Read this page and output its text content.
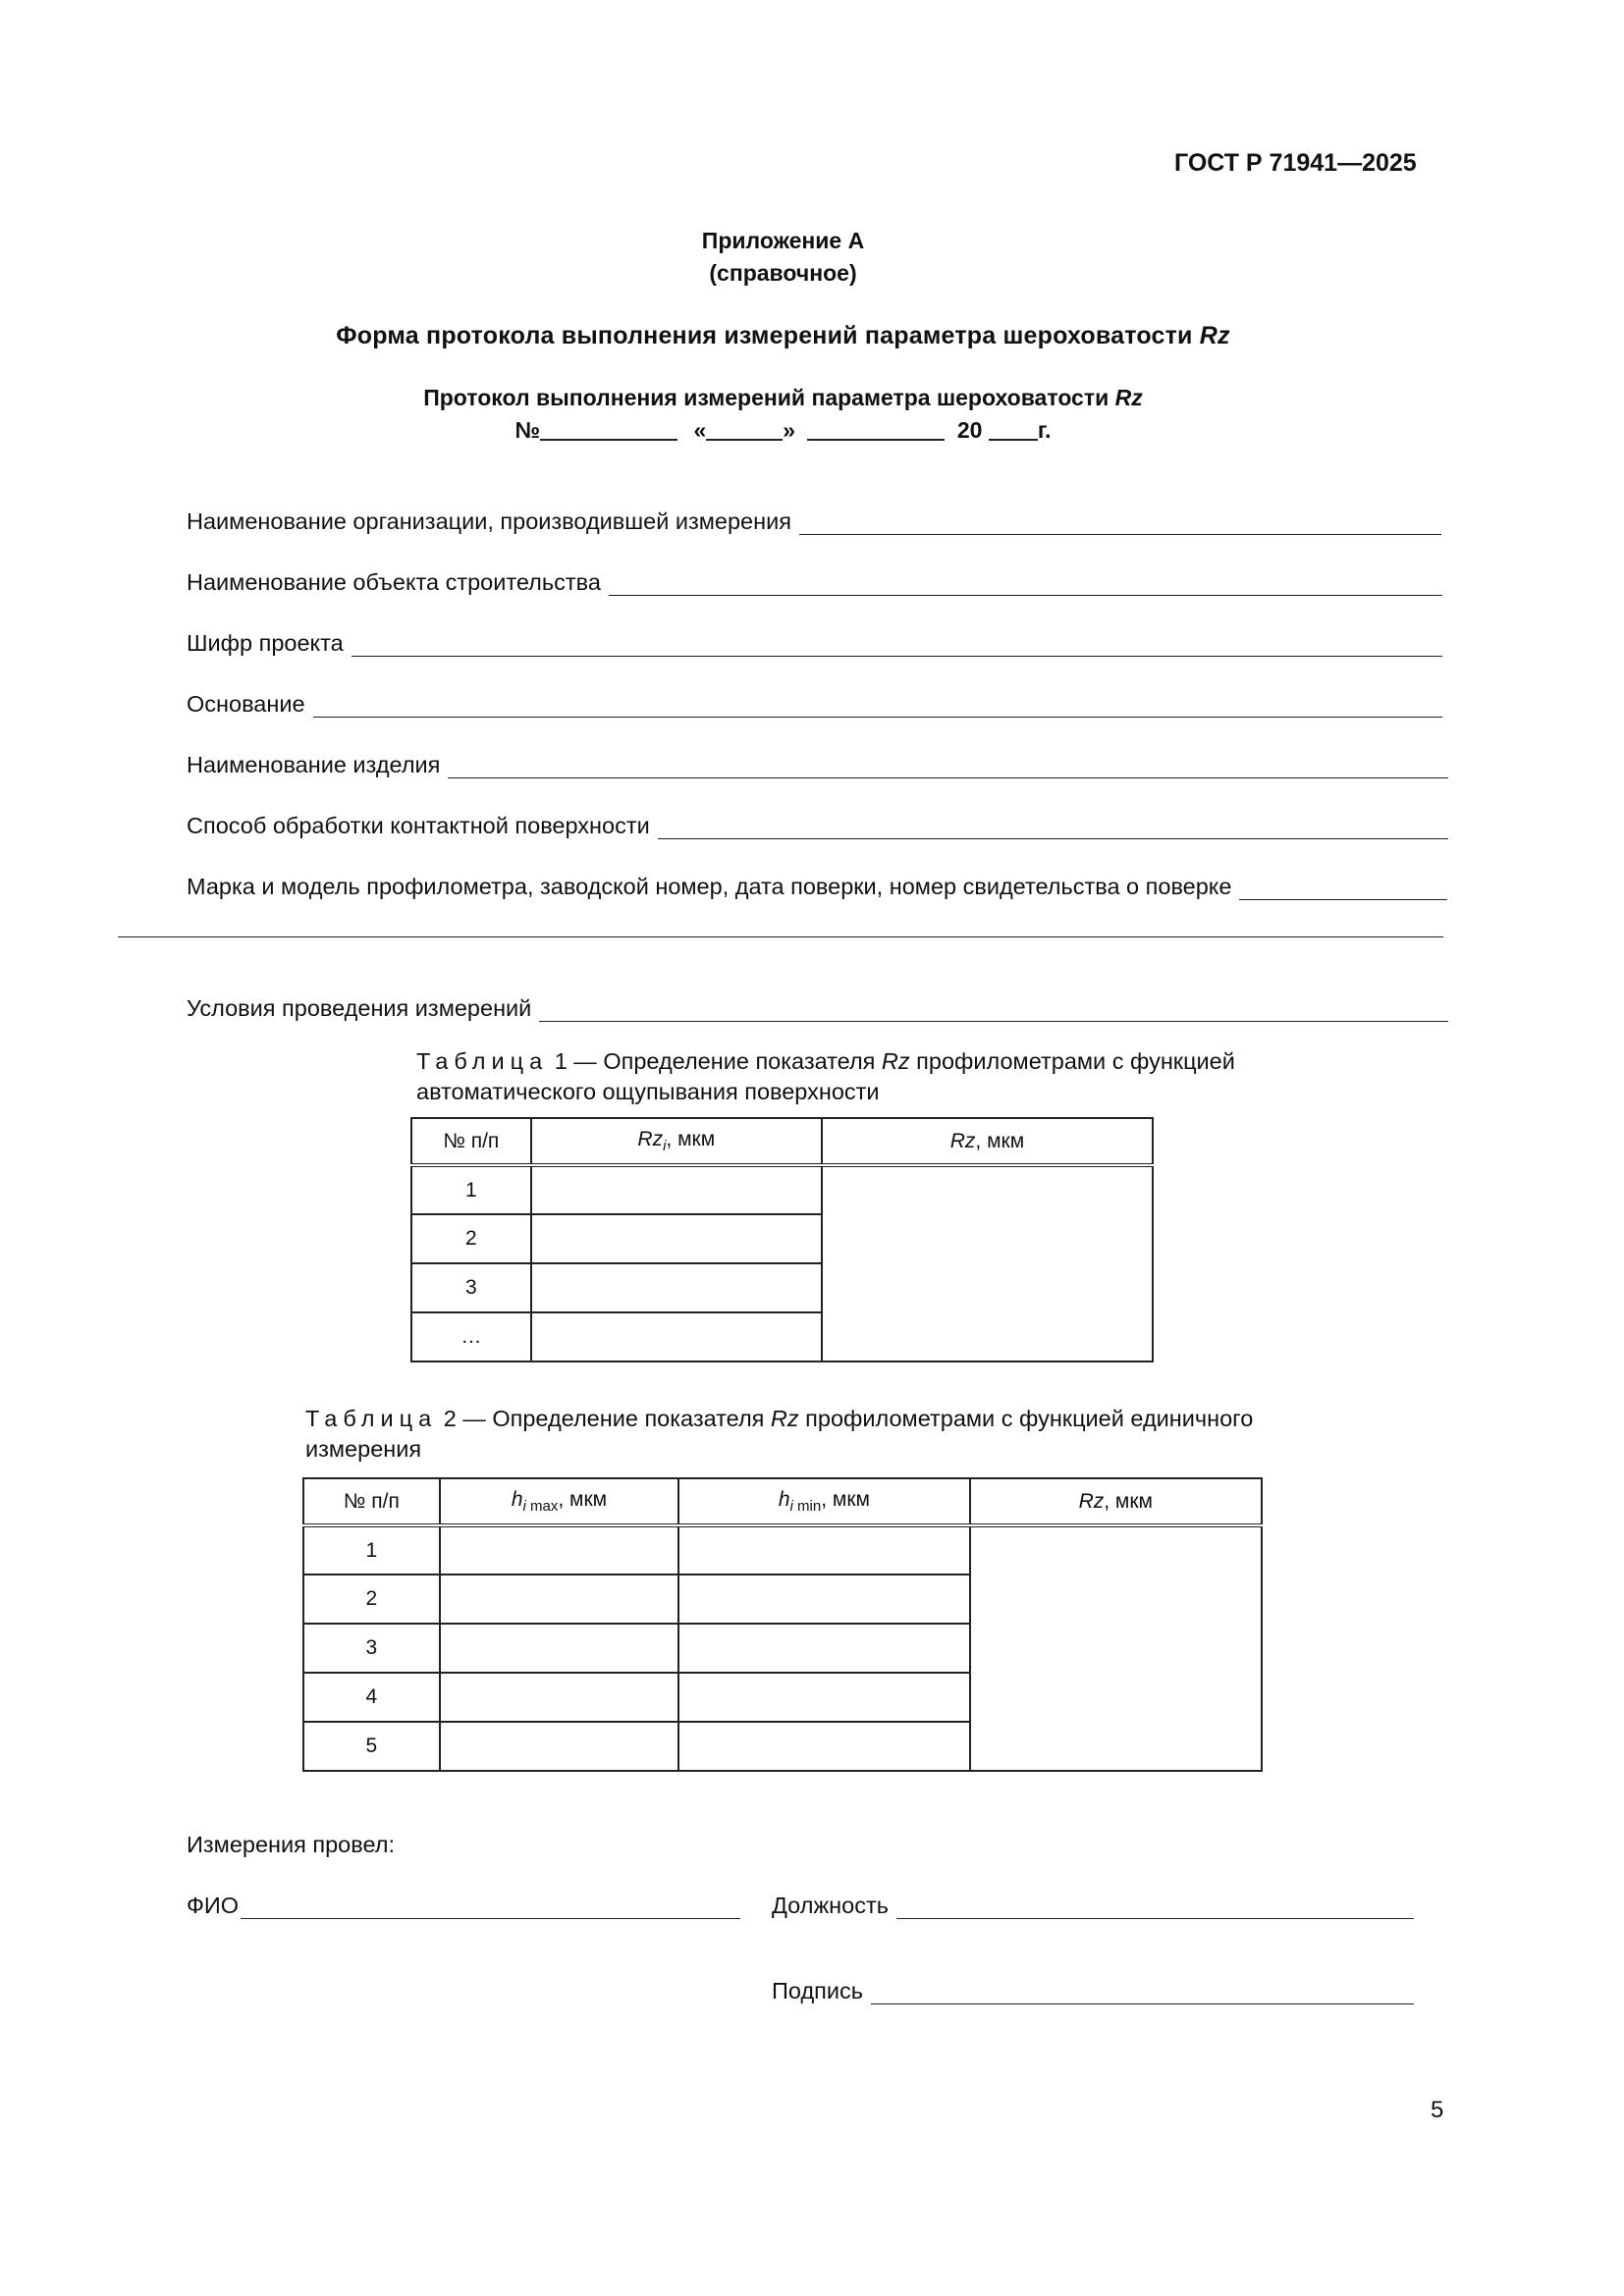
ГОСТ Р 71941—2025
Приложение А
(справочное)
Форма протокола выполнения измерений параметра шероховатости Rz
Протокол выполнения измерений параметра шероховатости Rz
№	«	»	20 г.
Наименование организации, производившей измерения
Наименование объекта строительства
Шифр проекта
Основание
Наименование изделия
Способ обработки контактной поверхности
Марка и модель профилометра, заводской номер, дата поверки, номер свидетельства о поверке
Условия проведения измерений
Таблица 1 — Определение показателя Rz профилометрами с функцией
автоматического ощупывания поверхности
№ п/п	$Rz_i$, мкм	Rz, мкм
1		
2		
3		
…		
Таблица 2 — Определение показателя Rz профилометрами с функцией единичного
измерения
№ п/п	$h_{i max}$, мкм	$h_{i min}$, мкм	Rz, мкм
1			
2			
3			
4			
5			
Измерения провел:
ФИО	Должность
Подпись
5
